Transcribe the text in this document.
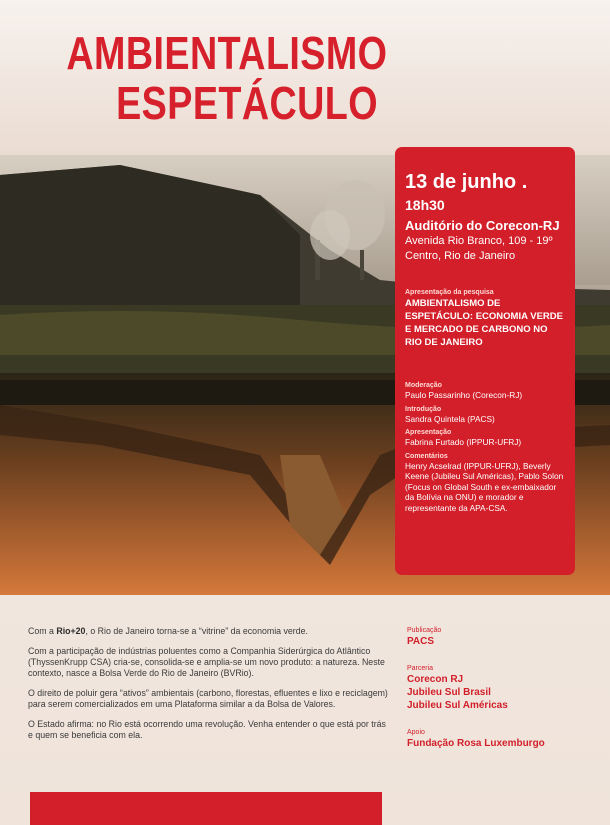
AMBIENTALISMO
ESPETÁCULO
13 de junho . 18h30
Auditório do Corecon-RJ
Avenida Rio Branco, 109 - 19º
Centro, Rio de Janeiro
Apresentação da pesquisa
AMBIENTALISMO DE ESPETÁCULO: ECONOMIA VERDE E MERCADO DE CARBONO NO RIO DE JANEIRO
Moderação
Paulo Passarinho (Corecon-RJ)
Introdução
Sandra Quintela (PACS)
Apresentação
Fabrina Furtado (IPPUR-UFRJ)
Comentários
Henry Acselrad (IPPUR-UFRJ), Beverly Keene (Jubileu Sul Américas), Pablo Solon (Focus on Global South e ex-embaixador da Bolívia na ONU) e morador e representante da APA-CSA.

Com a Rio+20, o Rio de Janeiro torna-se a “vitrine” da economia verde.

Com a participação de indústrias poluentes como a Companhia Siderúrgica do Atlântico (ThyssenKrupp CSA) cria-se, consolida-se e amplia-se um novo produto: a natureza. Neste contexto, nasce a Bolsa Verde do Rio de Janeiro (BVRio).

O direito de poluir gera “ativos” ambientais (carbono, florestas, efluentes e lixo e reciclagem) para serem comercializados em uma Plataforma similar a da Bolsa de Valores.

O Estado afirma: no Rio está ocorrendo uma revolução. Venha entender o que está por trás e quem se beneficia com ela.

Publicação
PACS
Parceria
Corecon RJ
Jubileu Sul Brasil
Jubileu Sul Américas
Apoio
Fundação Rosa Luxemburgo
